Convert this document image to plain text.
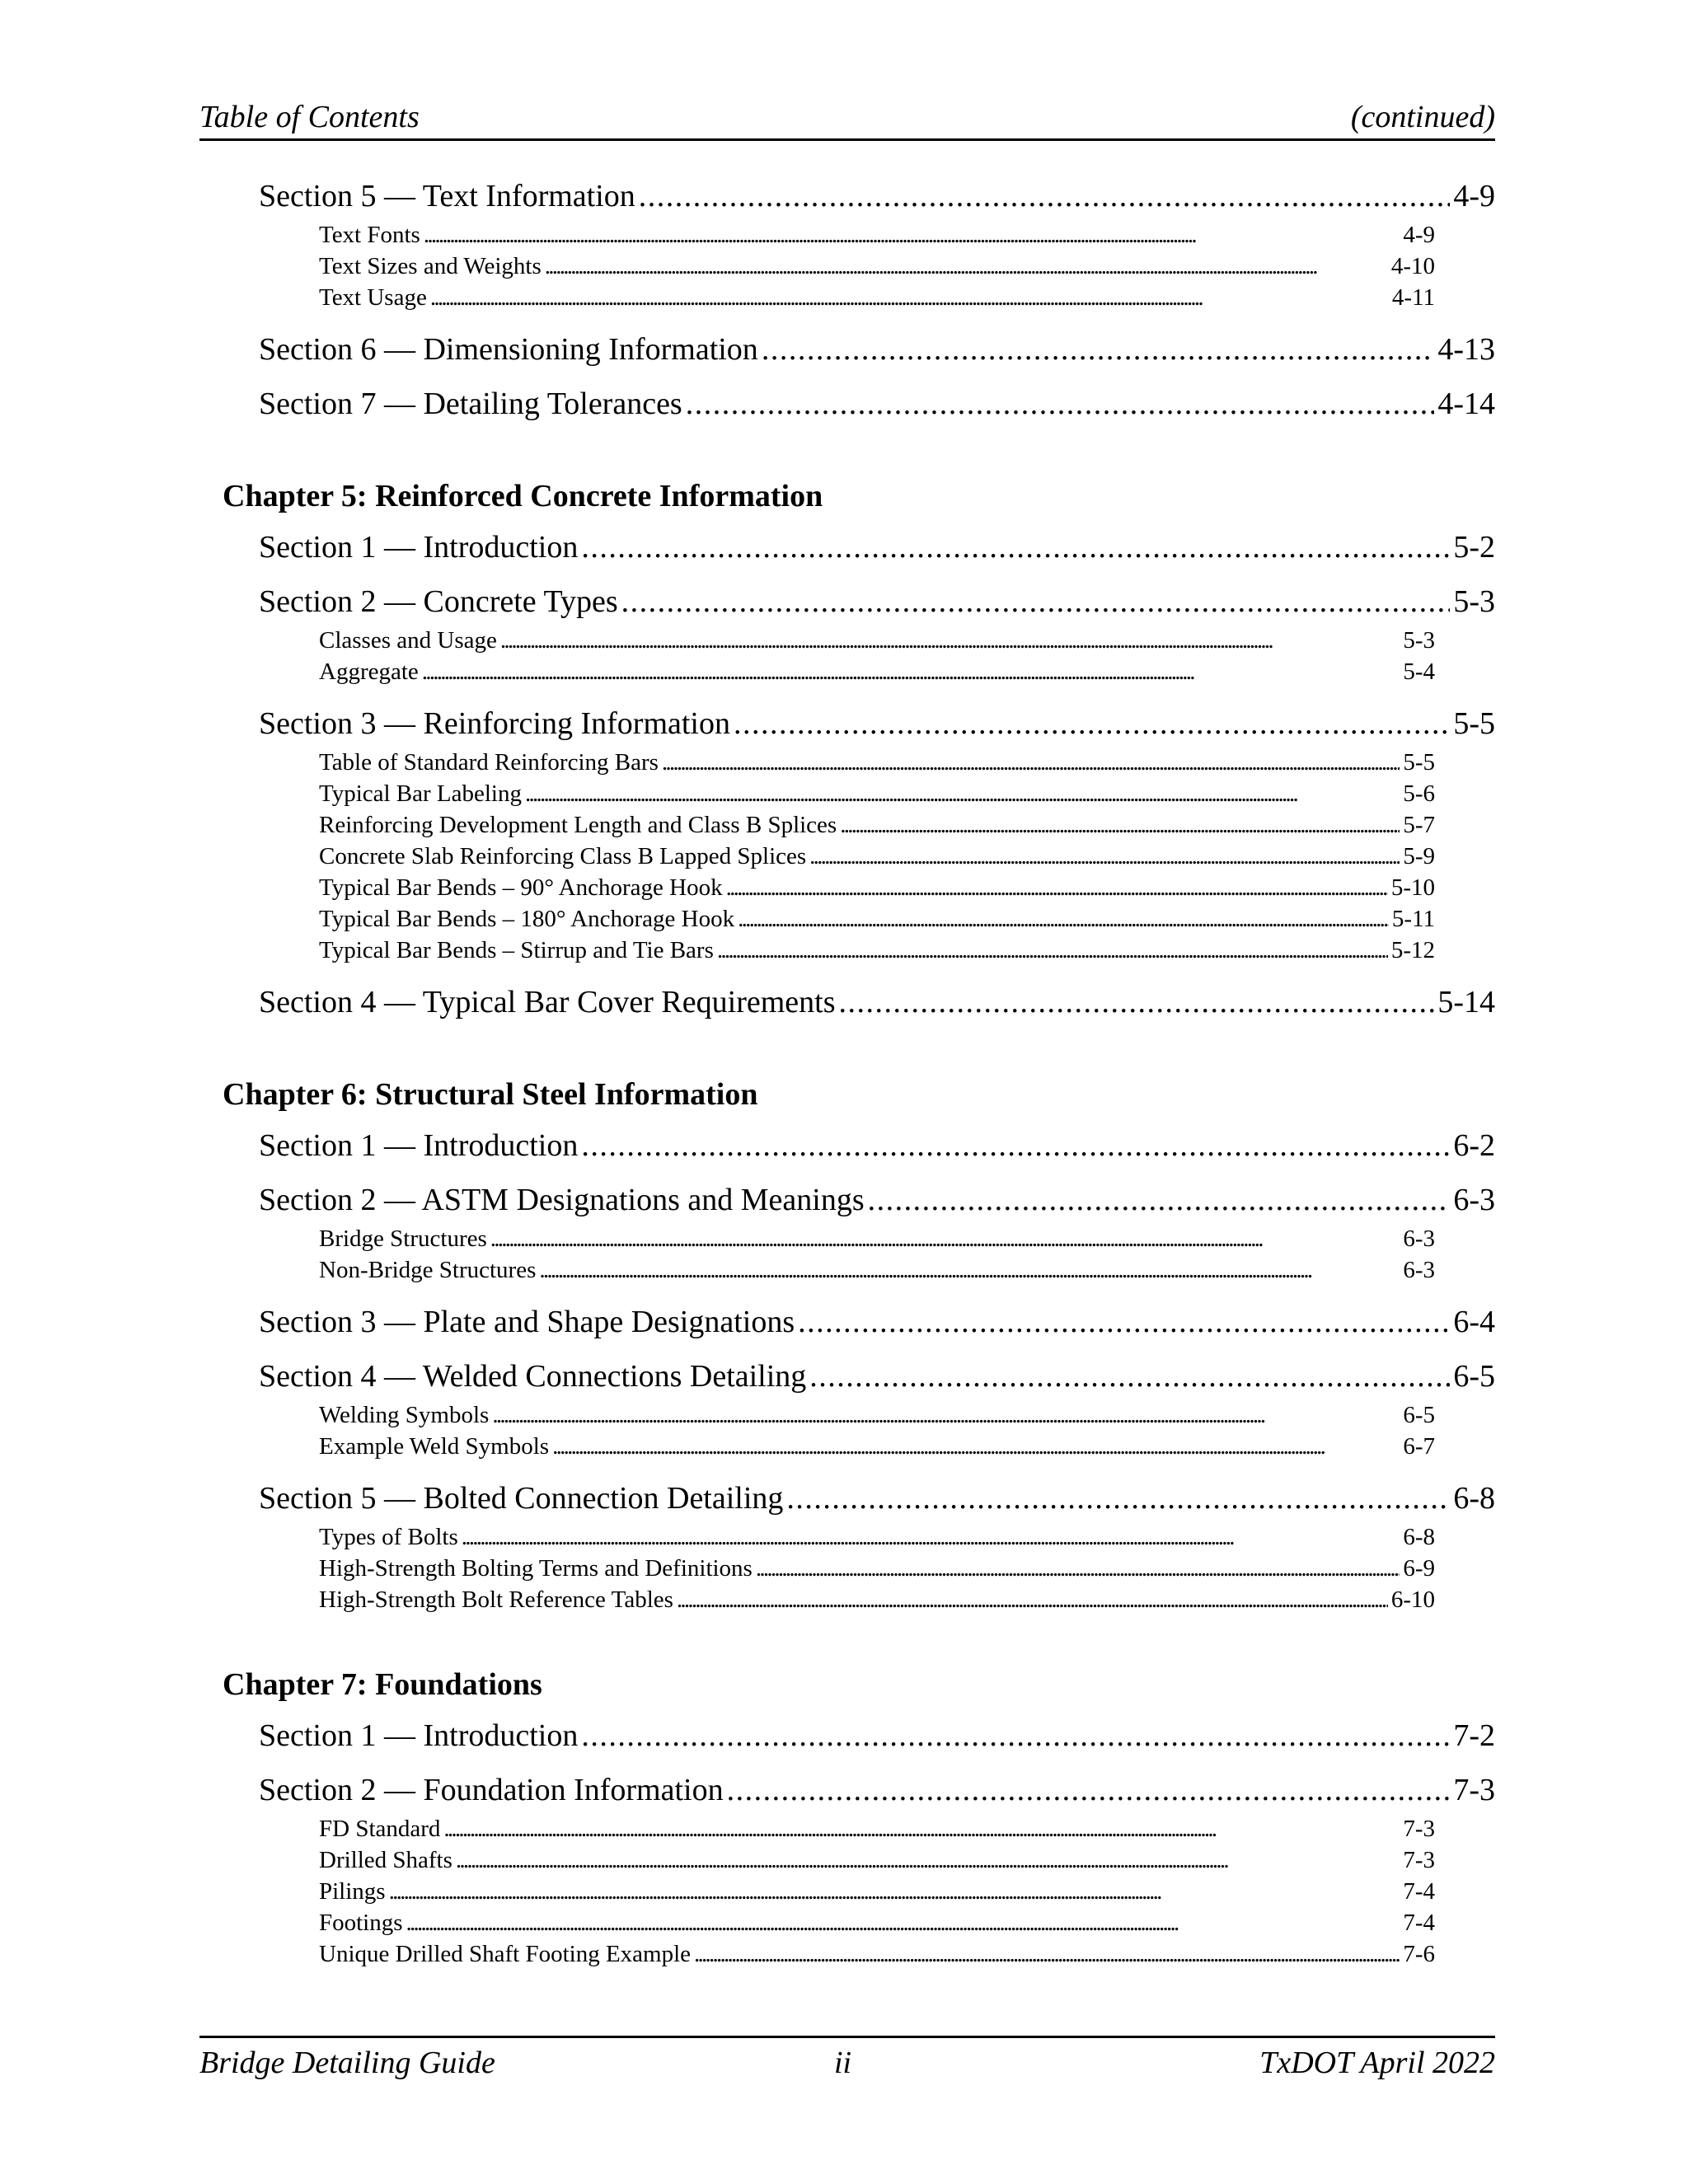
Table of Contents	(continued)
Section 5 — Text Information . . .	4-9
Text Fonts . . .	4-9
Text Sizes and Weights . . .	4-10
Text Usage . . .	4-11
Section 6 — Dimensioning Information . . .	4-13
Section 7 — Detailing Tolerances . . .	4-14
Chapter 5: Reinforced Concrete Information
Section 1 — Introduction . . .	5-2
Section 2 — Concrete Types . . .	5-3
Classes and Usage . . .	5-3
Aggregate . . .	5-4
Section 3 — Reinforcing Information . . .	5-5
Table of Standard Reinforcing Bars . . .	5-5
Typical Bar Labeling . . .	5-6
Reinforcing Development Length and Class B Splices . . .	5-7
Concrete Slab Reinforcing Class B Lapped Splices . . .	5-9
Typical Bar Bends – 90° Anchorage Hook . . .	5-10
Typical Bar Bends – 180° Anchorage Hook . . .	5-11
Typical Bar Bends – Stirrup and Tie Bars . . .	5-12
Section 4 — Typical Bar Cover Requirements . . .	5-14
Chapter 6: Structural Steel Information
Section 1 — Introduction . . .	6-2
Section 2 — ASTM Designations and Meanings . . .	6-3
Bridge Structures . . .	6-3
Non-Bridge Structures . . .	6-3
Section 3 — Plate and Shape Designations . . .	6-4
Section 4 — Welded Connections Detailing . . .	6-5
Welding Symbols . . .	6-5
Example Weld Symbols . . .	6-7
Section 5 — Bolted Connection Detailing . . .	6-8
Types of Bolts . . .	6-8
High-Strength Bolting Terms and Definitions . . .	6-9
High-Strength Bolt Reference Tables . . .	6-10
Chapter 7: Foundations
Section 1 — Introduction . . .	7-2
Section 2 — Foundation Information . . .	7-3
FD Standard . . .	7-3
Drilled Shafts . . .	7-3
Pilings . . .	7-4
Footings . . .	7-4
Unique Drilled Shaft Footing Example . . .	7-6
Bridge Detailing Guide	ii	TxDOT April 2022
